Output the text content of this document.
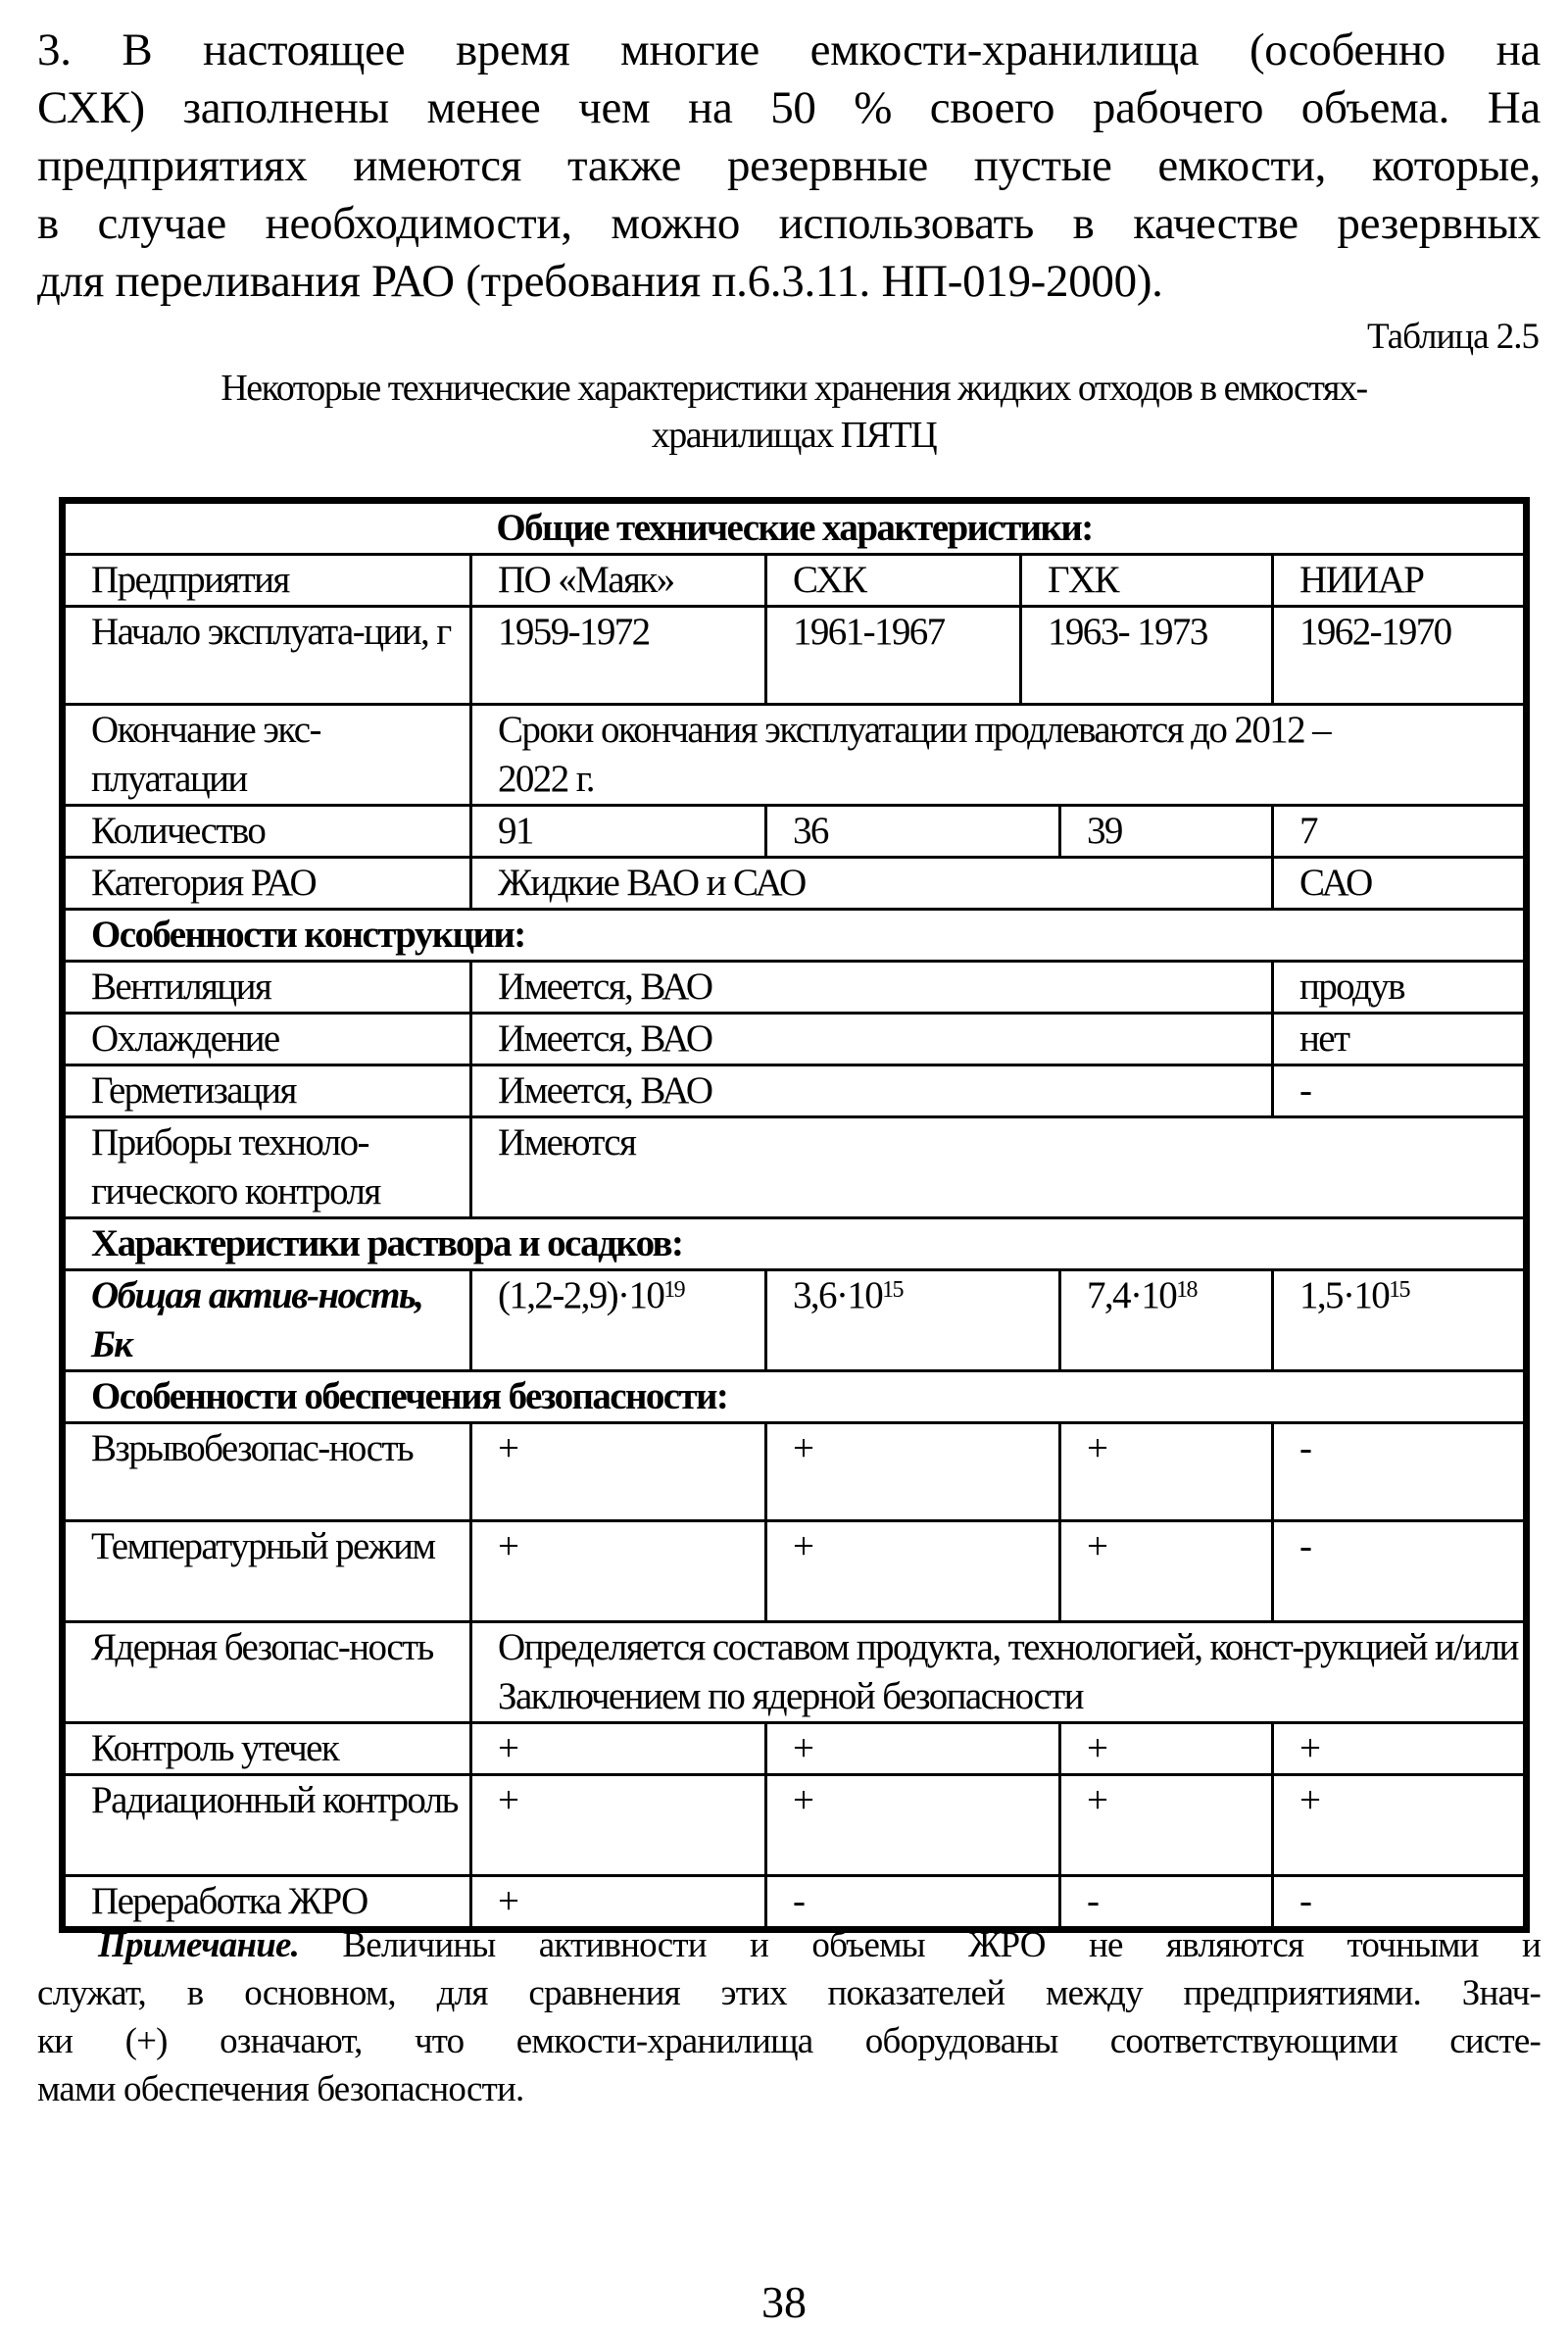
3. В настоящее время многие емкости-хранилища (особенно на
СХК) заполнены менее чем на 50 % своего рабочего объема. На
предприятиях имеются также резервные пустые емкости, которые,
в случае необходимости, можно использовать в качестве резервных
для переливания РАО (требования п.6.3.11. НП-019-2000).
Таблица 2.5
Некоторые технические характеристики хранения жидких отходов в емкостях-
хранилищах ПЯТЦ
Общие технические характеристики:					
Предприятия	ПО «Маяк»	СХК	ГХК		НИИАР
Начало эксплуата-ции, г	1959-1972	1961-1967	1963- 1973		1962-1970
Окончание экс-плуатации	Сроки окончания эксплуатации продлеваются до 2012 – 2022 г.				
Количество	91	36		39	7
Категория РАО	Жидкие ВАО и САО				САО
Особенности конструкции:					
Вентиляция	Имеется, ВАО				продув
Охлаждение	Имеется, ВАО				нет
Герметизация	Имеется, ВАО				-
Приборы техноло-гического контроля	Имеются				
Характеристики раствора и осадков:					
Общая актив-ность, Бк	$(1,2-2,9)\cdot 10^{19}$	$3,6\cdot 10^{15}$		$7,4\cdot 10^{18}$	$1,5\cdot 10^{15}$
Особенности обеспечения безопасности:					
Взрывобезопас-ность	+	+		+	-
Температурный режим	+	+		+	-
Ядерная безопас-ность	Определяется составом продукта, технологией, конст-рукцией и/или Заключением по ядерной безопасности				
Контроль утечек	+	+		+	+
Радиационный контроль	+	+		+	+
Переработка ЖРО	+	-		-	-
Примечание. Величины активности и объемы ЖРО не являются точными и
служат, в основном, для сравнения этих показателей между предприятиями. Знач-
ки (+) означают, что емкости-хранилища оборудованы соответствующими систе-
мами обеспечения безопасности.
38
